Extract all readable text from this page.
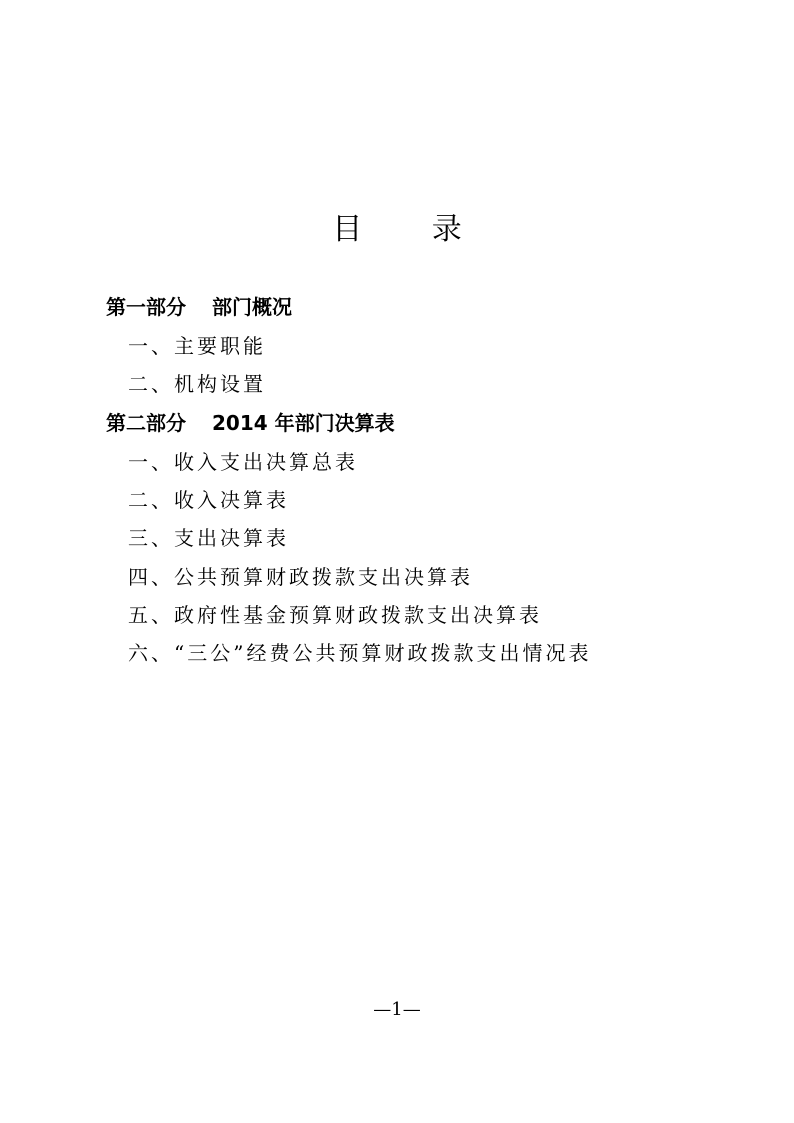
目 录
第一部分 部门概况
一、主要职能
二、机构设置
第二部分 2014 年部门决算表
一、收入支出决算总表
二、收入决算表
三、支出决算表
四、公共预算财政拨款支出决算表
五、政府性基金预算财政拨款支出决算表
六、“三公”经费公共预算财政拨款支出情况表
—1—
